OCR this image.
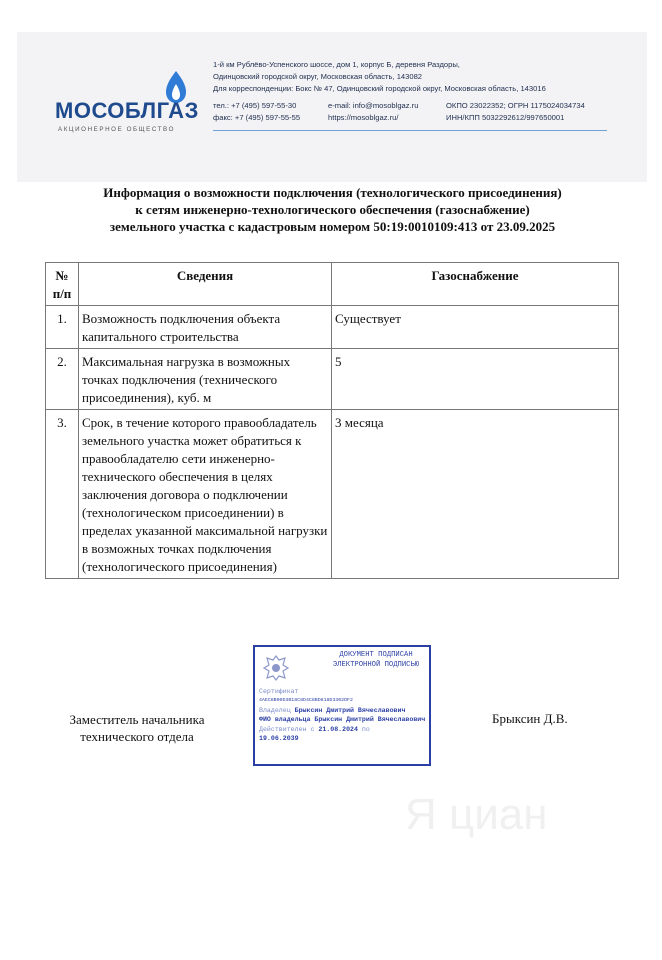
МОСОБЛГАЗ
АКЦИОНЕРНОЕ ОБЩЕСТВО
1-й км Рублёво-Успенского шоссе, дом 1, корпус Б, деревня Раздоры,
Одинцовский городской округ, Московская область, 143082
Для корреспонденции: Бокс № 47, Одинцовский городской округ, Московская область, 143016
тел.: +7 (495) 597-55-30
факс: +7 (495) 597-55-55
e-mail: info@mosoblgaz.ru
https://mosoblgaz.ru/
ОКПО 23022352; ОГРН 1175024034734
ИНН/КПП 5032292612/997650001
Информация о возможности подключения (технологического присоединения)
к сетям инженерно-технологического обеспечения (газоснабжение)
земельного участка с кадастровым номером 50:19:0010109:413 от 23.09.2025
№ п/п	Сведения	Газоснабжение
1.	Возможность подключения объекта капитального строительства	Существует
2.	Максимальная нагрузка в возможных точках подключения (технического присоединения), куб. м	5
3.	Срок, в течение которого правообладатель земельного участка может обратиться к правообладателю сети инженерно-технического обеспечения в целях заключения договора о подключении (технологическом присоединении) в пределах указанной максимальной нагрузки в возможных точках подключения (технологического присоединения)	3 месяца
Заместитель начальника технического отдела
Брыксин Д.В.
ДОКУМЕНТ ПОДПИСАН ЭЛЕКТРОННОЙ ПОДПИСЬЮ
Сертификат
4AEC8B00D3B18C8D4C8BD818D3302DF2
Владелец Брыксин Дмитрий Вячеславович
ФИО владельца Брыксин Дмитрий Вячеславович
Действителен с 21.08.2024 по
19.06.2039
Я циан
